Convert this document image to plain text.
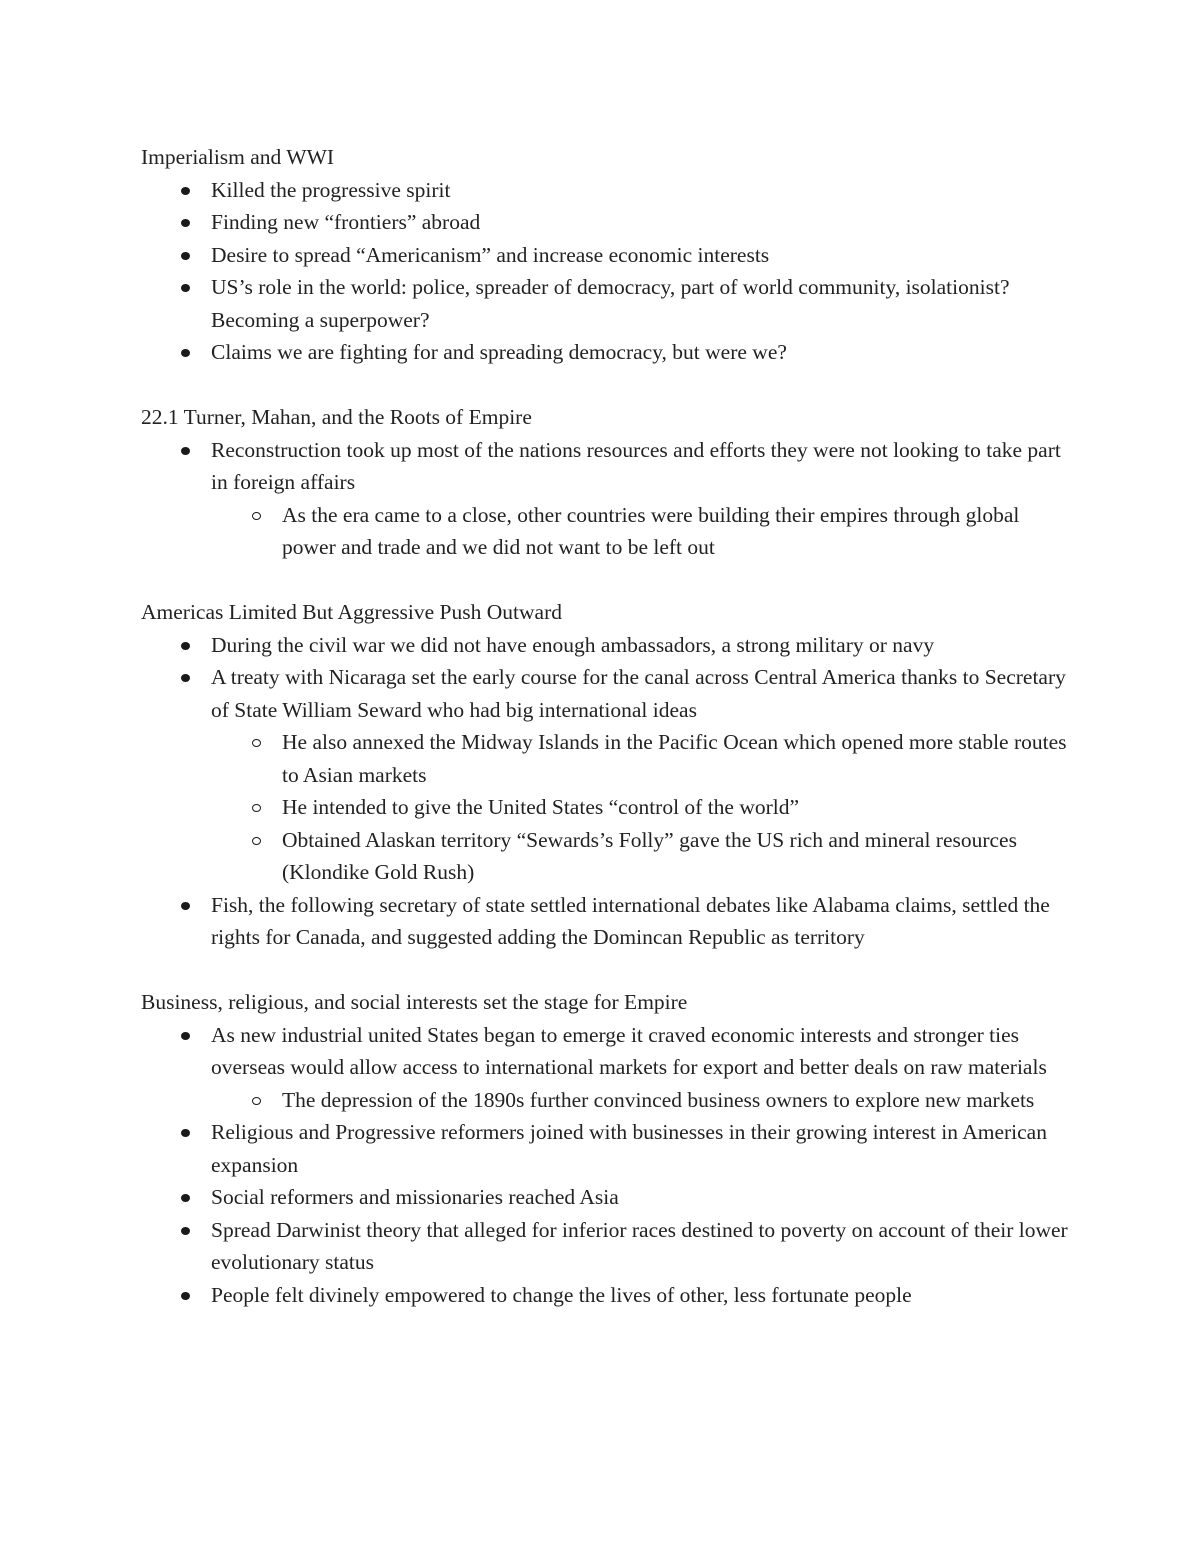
Imperialism and WWI
Killed the progressive spirit
Finding new “frontiers” abroad
Desire to spread “Americanism” and increase economic interests
US’s role in the world: police, spreader of democracy, part of world community, isolationist? Becoming a superpower?
Claims we are fighting for and spreading democracy, but were we?
22.1 Turner, Mahan, and the Roots of Empire
Reconstruction took up most of the nations resources and efforts they were not looking to take part in foreign affairs
As the era came to a close, other countries were building their empires through global power and trade and we did not want to be left out
Americas Limited But Aggressive Push Outward
During the civil war we did not have enough ambassadors, a strong military or navy
A treaty with Nicaraga set the early course for the canal across Central America thanks to Secretary of State William Seward who had big international ideas
He also annexed the Midway Islands in the Pacific Ocean which opened more stable routes to Asian markets
He intended to give the United States “control of the world”
Obtained Alaskan territory “Sewards’s Folly” gave the US rich and mineral resources (Klondike Gold Rush)
Fish, the following secretary of state settled international debates like Alabama claims, settled the rights for Canada, and suggested adding the Domincan Republic as territory
Business, religious, and social interests set the stage for Empire
As new industrial united States began to emerge it craved economic interests and stronger ties overseas would allow access to international markets for export and better deals on raw materials
The depression of the 1890s further convinced business owners to explore new markets
Religious and Progressive reformers joined with businesses in their growing interest in American expansion
Social reformers and missionaries reached Asia
Spread Darwinist theory that alleged for inferior races destined to poverty on account of their lower evolutionary status
People felt divinely empowered to change the lives of other, less fortunate people
